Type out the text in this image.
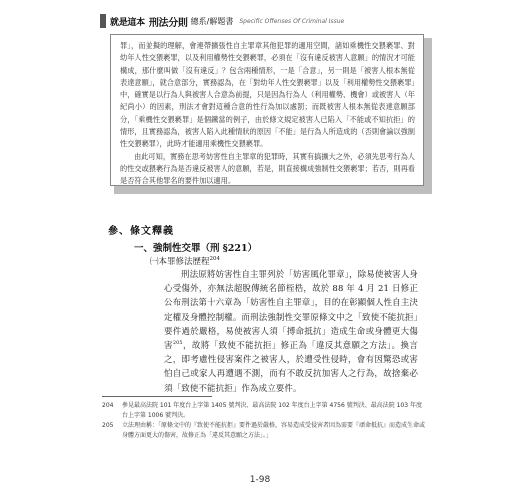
就是這本 刑法分則 總系/解題書 Specific Offenses Of Criminal Issue

罪」，而並擬的理解，會連帶擴張性自主罪章其他犯罪的適用空間，諸如乘機性交猥褻罪、對幼年人性交猥褻罪，以及利用權勢性交猥褻罪，必須在「沒有違反被害人意願」的情況才可能構成，那什麼叫做「沒有違反」？包含兩種情形，一是「合意」，另一則是「被害人根本無從表達意願」，就合意部分，實務認為，在「對幼年人性交猥褻罪」以及「利用權勢性交猥褻罪」中，確實是以行為人與被害人合意為前提，只是因為行為人（利用權勢、機會）或被害人（年紀尚小）的因素，刑法才會對這種合意的性行為加以處罰；而既被害人根本無從表達意願部分，「乘機性交猥褻罪」是個鐵當的例子，由於條文規定被害人已陷入「不能或不知抗拒」的情形，且實務認為，被害人陷入此種情狀的原因「不能」是行為人所造成的（否則會論以強制性交猥褻罪），此時才能適用乘機性交猥褻罪。

由此可知，實務在思考妨害性自主罪章的犯罪時，其實有搞擴大之外，必須先思考行為人的性交或猥褻行為是否違反被害人的意願，若是，則直接構成強制性交猥褻罪；若否，則再看是否符合其他罪名的要件加以適用。

參、條文釋義
一、強制性交罪（刑 §221）
㈠本罪修法歷程$^{204}$

刑法原將妨害性自主罪列於「妨害風化罪章」，除易使被害人身心受傷外，亦無法超脫傳統名節桎梏，故於 88 年 4 月 21 日修正公布刑法第十六章為「妨害性自主罪章」，目的在彰顯個人性自主決定權及身體控制權。而刑法強制性交罪原條文中之「致使不能抗拒」要件過於嚴格，易使被害人須「搏命抵抗」造成生命或身體更大傷害$^{205}$，故將「致使不能抗拒」修正為「違反其意願之方法」。換言之，即考慮性侵害案件之被害人，於遭受性侵時，會有因驚恐或害怕自己或家人再遭遇不測，而有不敢反抗加害人之行為，故捨棄必須「致使不能抗拒」作為成立要件。

204	參見最高法院 101 年度台上字第 1405 號判決、最高法院 102 年度台上字第 4756 號判決、最高法院 103 年度台上字第 1006 號判決。
205	立法理由稱：「原條文中的『致使不能抗拒』要件過於嚴格，容易造成受侵害者因為需要『頑命抵抗』而造成生命或身體方面更大的傷害，故修正為「違反其意願之方法」。」
1-98
